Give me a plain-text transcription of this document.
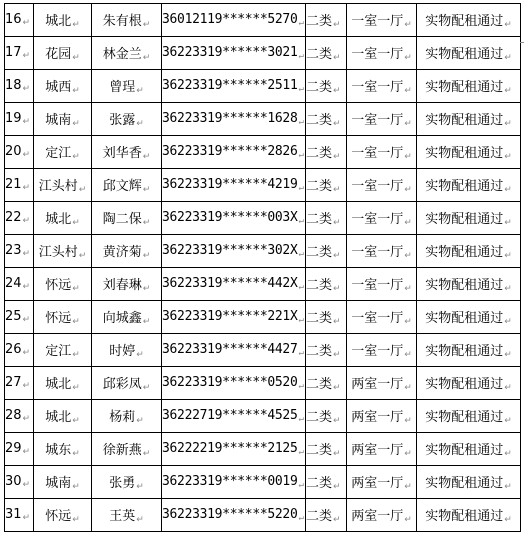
16↵	城北↵	朱有根↵	36012119******5270↵	二类↵	一室一厅↵	实物配租通过↵
17↵	花园↵	林金兰↵	36223319******3021↵	二类↵	一室一厅↵	实物配租通过↵
18↵	城西↵	曾珵↵	36223319******2511↵	二类↵	一室一厅↵	实物配租通过↵
19↵	城南↵	张露↵	36223319******1628↵	二类↵	一室一厅↵	实物配租通过↵
20↵	定江↵	刘华香↵	36223319******2826↵	二类↵	一室一厅↵	实物配租通过↵
21↵	江头村↵	邱文辉↵	36223319******4219↵	二类↵	一室一厅↵	实物配租通过↵
22↵	城北↵	陶二保↵	36223319******003X↵	二类↵	一室一厅↵	实物配租通过↵
23↵	江头村↵	黄济菊↵	36223319******302X↵	二类↵	一室一厅↵	实物配租通过↵
24↵	怀远↵	刘春琳↵	36223319******442X↵	二类↵	一室一厅↵	实物配租通过↵
25↵	怀远↵	向城鑫↵	36223319******221X↵	二类↵	一室一厅↵	实物配租通过↵
26↵	定江↵	时婷↵	36223319******4427↵	二类↵	一室一厅↵	实物配租通过↵
27↵	城北↵	邱彩凤↵	36223319******0520↵	二类↵	两室一厅↵	实物配租通过↵
28↵	城北↵	杨莉↵	36222719******4525↵	二类↵	两室一厅↵	实物配租通过↵
29↵	城东↵	徐新燕↵	36222219******2125↵	二类↵	两室一厅↵	实物配租通过↵
30↵	城南↵	张勇↵	36223319******0019↵	二类↵	两室一厅↵	实物配租通过↵
31↵	怀远↵	王英↵	36223319******5220↵	二类↵	两室一厅↵	实物配租通过↵
